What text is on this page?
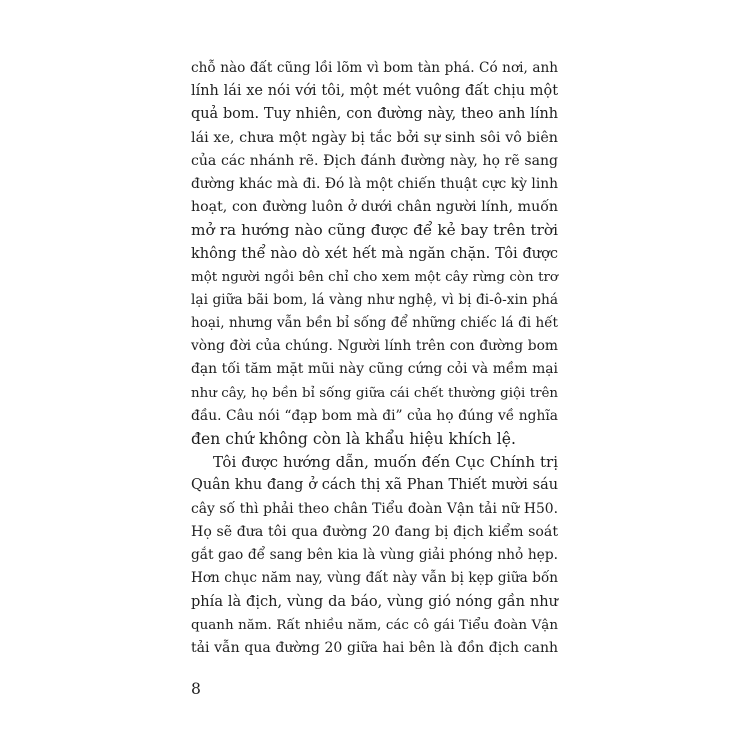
chỗ nào đất cũng lồi lõm vì bom tàn phá. Có nơi, anh
lính lái xe nói với tôi, một mét vuông đất chịu một
quả bom. Tuy nhiên, con đường này, theo anh lính
lái xe, chưa một ngày bị tắc bởi sự sinh sôi vô biên
của các nhánh rẽ. Địch đánh đường này, họ rẽ sang
đường khác mà đi. Đó là một chiến thuật cực kỳ linh
hoạt, con đường luôn ở dưới chân người lính, muốn
mở ra hướng nào cũng được để kẻ bay trên trời
không thể nào dò xét hết mà ngăn chặn. Tôi được
một người ngồi bên chỉ cho xem một cây rừng còn trơ
lại giữa bãi bom, lá vàng như nghệ, vì bị đi-ô-xin phá
hoại, nhưng vẫn bền bỉ sống để những chiếc lá đi hết
vòng đời của chúng. Người lính trên con đường bom
đạn tối tăm mặt mũi này cũng cứng cỏi và mềm mại
như cây, họ bền bỉ sống giữa cái chết thường giội trên
đầu. Câu nói “đạp bom mà đi” của họ đúng về nghĩa
đen chứ không còn là khẩu hiệu khích lệ.

Tôi được hướng dẫn, muốn đến Cục Chính trị
Quân khu đang ở cách thị xã Phan Thiết mười sáu
cây số thì phải theo chân Tiểu đoàn Vận tải nữ H50.
Họ sẽ đưa tôi qua đường 20 đang bị địch kiểm soát
gắt gao để sang bên kia là vùng giải phóng nhỏ hẹp.
Hơn chục năm nay, vùng đất này vẫn bị kẹp giữa bốn
phía là địch, vùng da báo, vùng gió nóng gần như
quanh năm. Rất nhiều năm, các cô gái Tiểu đoàn Vận
tải vẫn qua đường 20 giữa hai bên là đồn địch canh

8
